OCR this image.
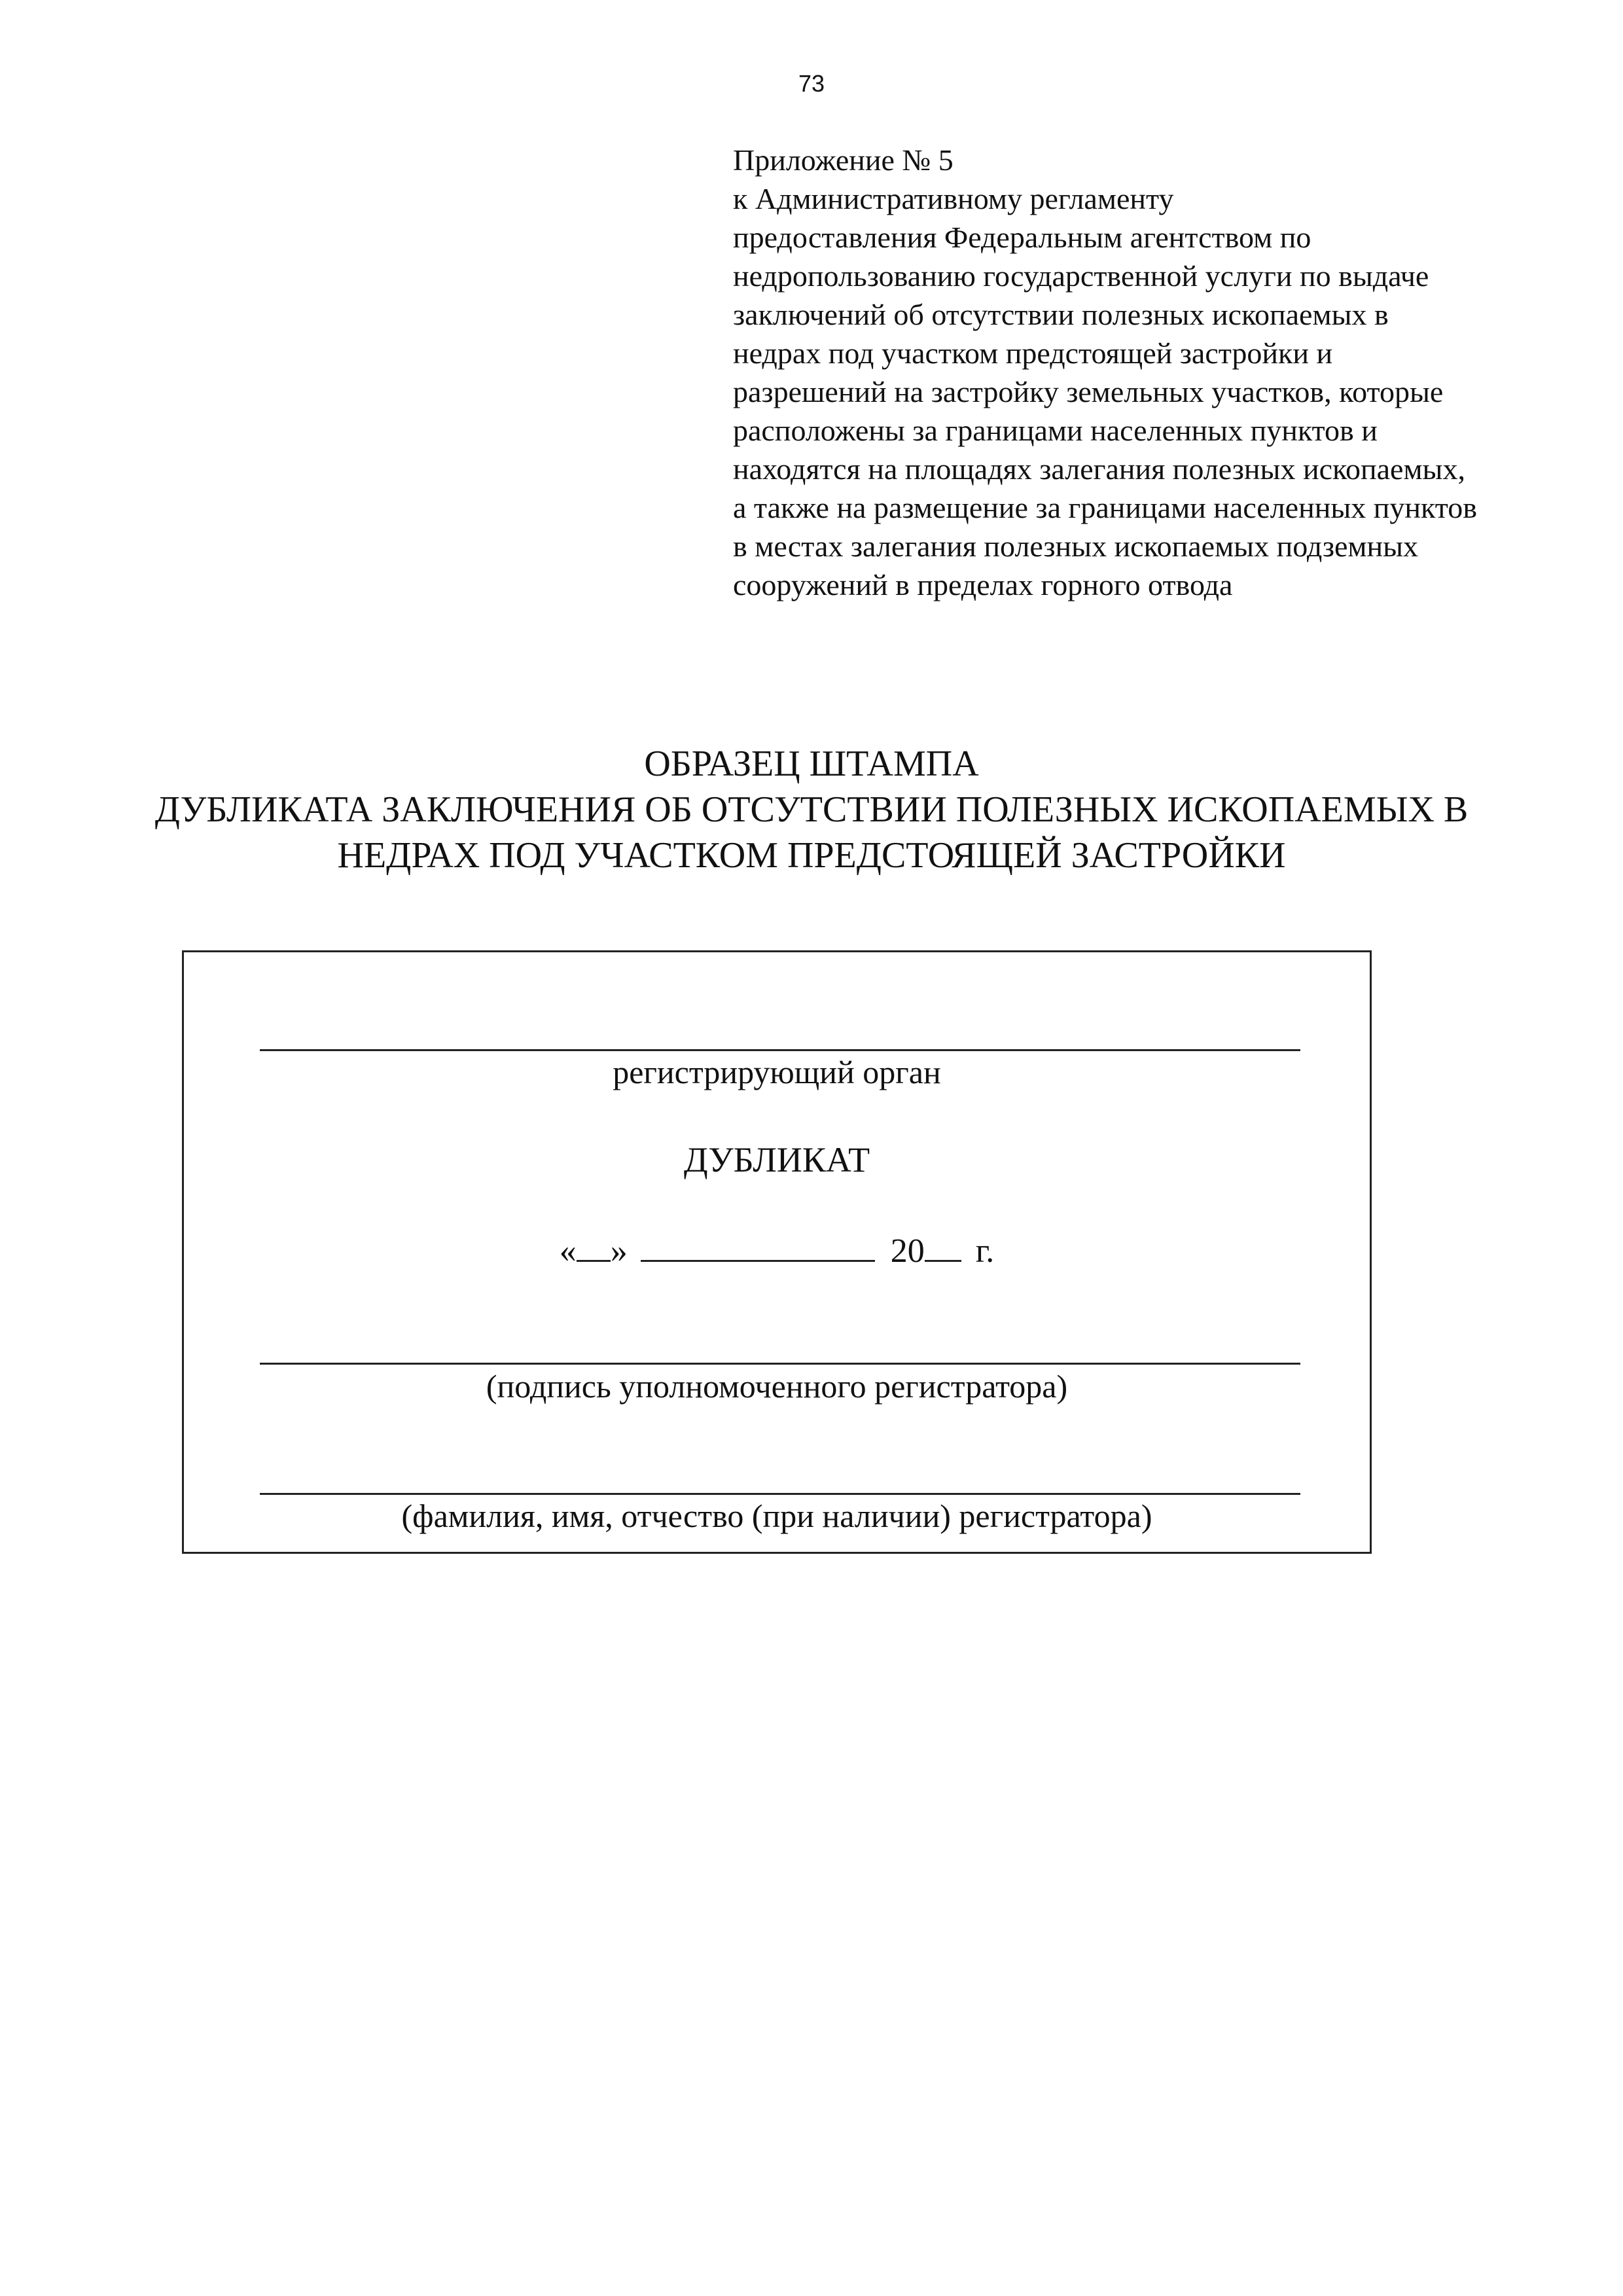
73
Приложение № 5
к Административному регламенту
предоставления Федеральным агентством по
недропользованию государственной услуги по выдаче
заключений об отсутствии полезных ископаемых в
недрах под участком предстоящей застройки и
разрешений на застройку земельных участков, которые
расположены за границами населенных пунктов и
находятся на площадях залегания полезных ископаемых,
а также на размещение за границами населенных пунктов
в местах залегания полезных ископаемых подземных
сооружений в пределах горного отвода
ОБРАЗЕЦ ШТАМПА
ДУБЛИКАТА ЗАКЛЮЧЕНИЯ ОБ ОТСУТСТВИИ ПОЛЕЗНЫХ ИСКОПАЕМЫХ В
НЕДРАХ ПОД УЧАСТКОМ ПРЕДСТОЯЩЕЙ ЗАСТРОЙКИ
регистрирующий орган
ДУБЛИКАТ
« »	20 г.
(подпись уполномоченного регистратора)
(фамилия, имя, отчество (при наличии) регистратора)
